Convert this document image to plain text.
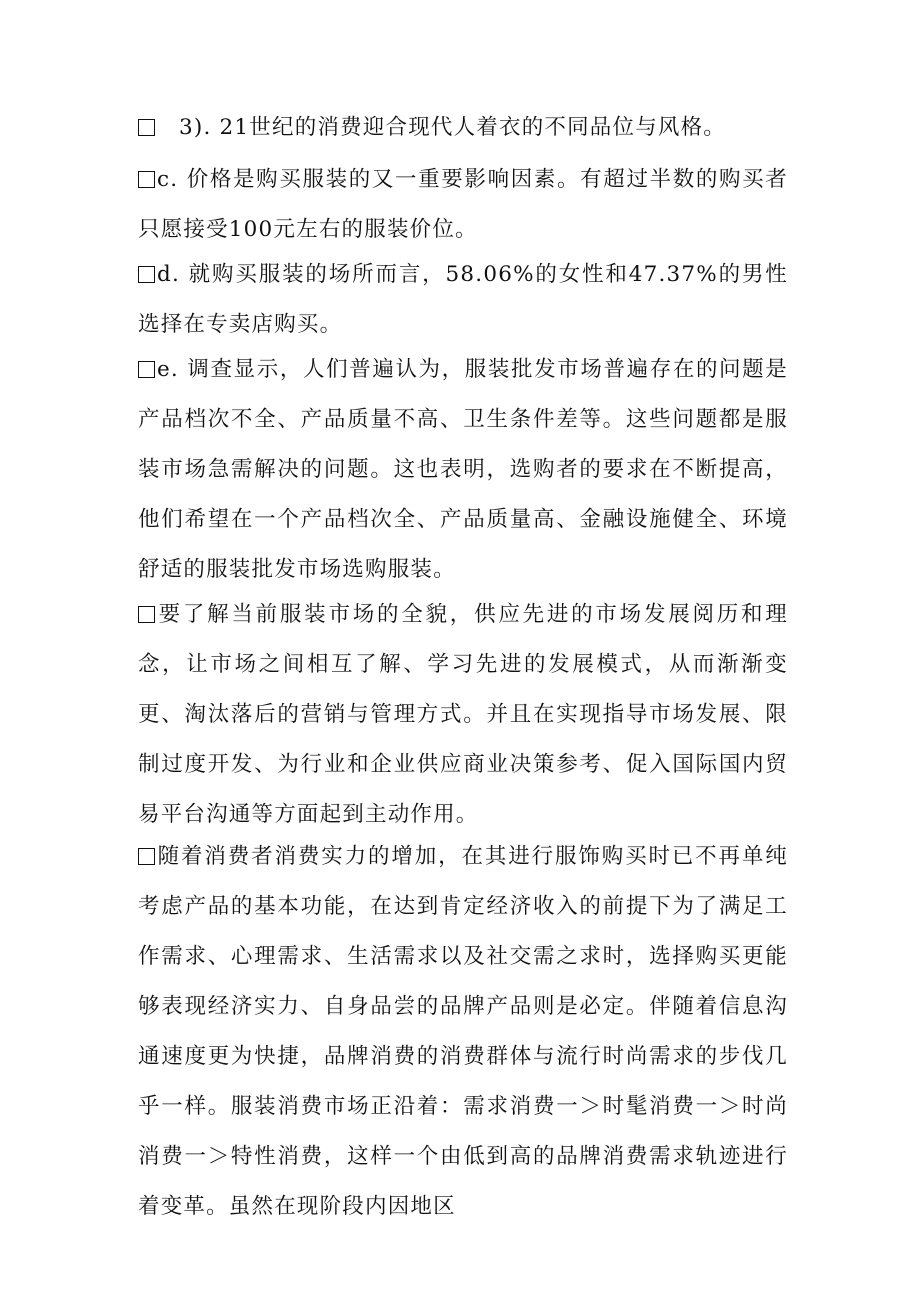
3). 21世纪的消费迎合现代人着衣的不同品位与风格。

c. 价格是购买服装的又一重要影响因素。有超过半数的购买者只愿接受100元左右的服装价位。

d. 就购买服装的场所而言，58.06%的女性和47.37%的男性选择在专卖店购买。

e. 调查显示，人们普遍认为，服装批发市场普遍存在的问题是产品档次不全、产品质量不高、卫生条件差等。这些问题都是服装市场急需解决的问题。这也表明，选购者的要求在不断提高，他们希望在一个产品档次全、产品质量高、金融设施健全、环境舒适的服装批发市场选购服装。

要了解当前服装市场的全貌，供应先进的市场发展阅历和理念，让市场之间相互了解、学习先进的发展模式，从而渐渐变更、淘汰落后的营销与管理方式。并且在实现指导市场发展、限制过度开发、为行业和企业供应商业决策参考、促入国际国内贸易平台沟通等方面起到主动作用。

随着消费者消费实力的增加，在其进行服饰购买时已不再单纯考虑产品的基本功能，在达到肯定经济收入的前提下为了满足工作需求、心理需求、生活需求以及社交需之求时，选择购买更能够表现经济实力、自身品尝的品牌产品则是必定。伴随着信息沟通速度更为快捷，品牌消费的消费群体与流行时尚需求的步伐几乎一样。服装消费市场正沿着：需求消费一＞时髦消费一＞时尚消费一＞特性消费，这样一个由低到高的品牌消费需求轨迹进行着变革。虽然在现阶段内因地区
